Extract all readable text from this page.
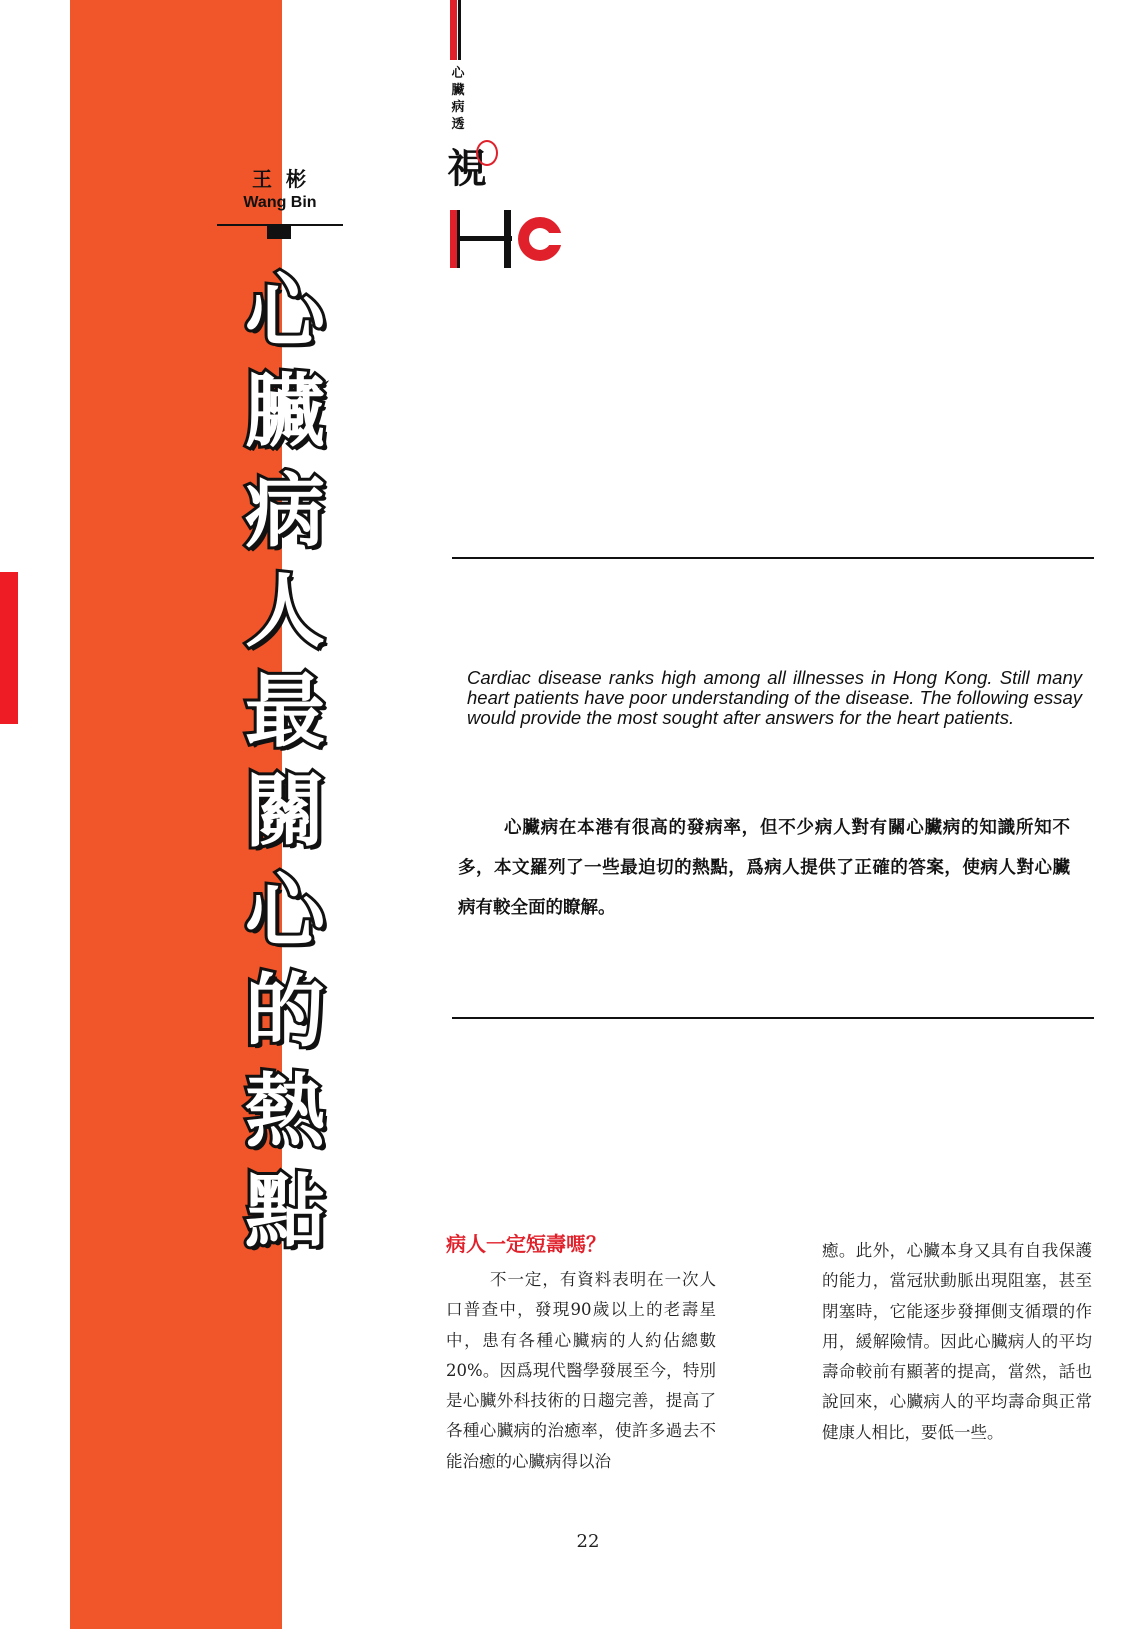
王彬
Wang Bin
心
臟
病
人
最
關
心
的
熱
點
心臟病透
視
Cardiac disease ranks high among all illnesses in Hong Kong. Still many heart patients have poor understanding of the disease. The following essay would provide the most sought after answers for the heart patients.
心臟病在本港有很高的發病率，但不少病人對有關心臟病的知識所知不多，本文羅列了一些最迫切的熱點，爲病人提供了正確的答案，使病人對心臟病有較全面的瞭解。
病人一定短壽嗎？
不一定，有資料表明在一次人口普查中，發現90歲以上的老壽星中，患有各種心臟病的人約佔總數20%。因爲現代醫學發展至今，特別是心臟外科技術的日趨完善，提高了各種心臟病的治癒率，使許多過去不能治癒的心臟病得以治
癒。此外，心臟本身又具有自我保護的能力，當冠狀動脈出現阻塞，甚至閉塞時，它能逐步發揮側支循環的作用，緩解險情。因此心臟病人的平均壽命較前有顯著的提高，當然，話也說回來，心臟病人的平均壽命與正常健康人相比，要低一些。
22
